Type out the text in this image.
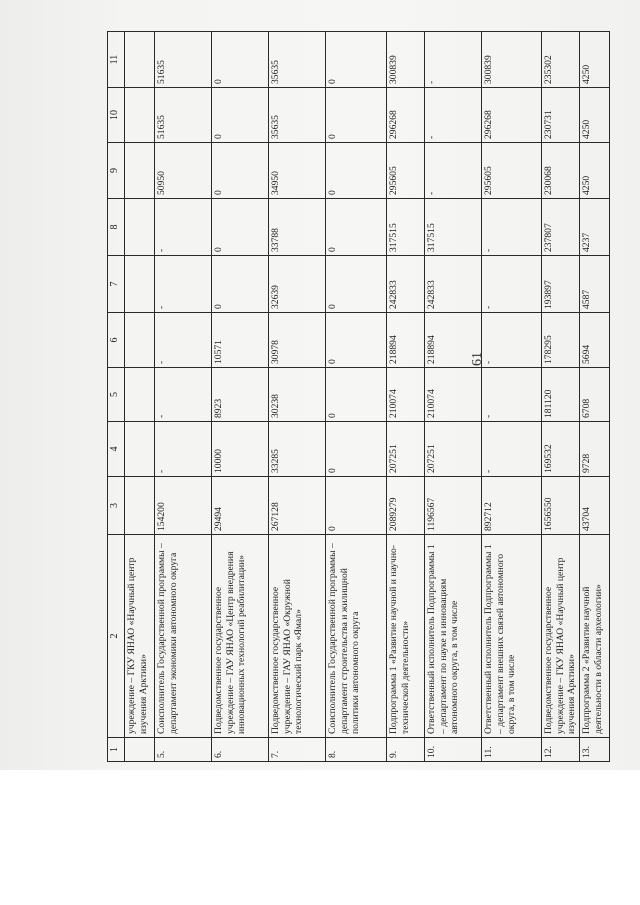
61
1	2	3	4	5	6	7	8	9	10	11
	учреждение – ГКУ ЯНАО «Научный центр изучения Арктики»									
5.	Соисполнитель Государственной программы – департамент экономики автономного округа	154200	-	-	-	-	-	50950	51635	51635
6.	Подведомственное государственное учреждение – ГАУ ЯНАО «Центр внедрения инновационных технологий реабилитации»	29494	10000	8923	10571	0	0	0	0	0
7.	Подведомственное государственное учреждение – ГАУ ЯНАО «Окружной технологический парк «Ямал»	267128	33285	30238	30978	32639	33788	34950	35635	35635
8.	Соисполнитель Государственной программы – департамент строительства и жилищной политики автономного округа	0	0	0	0	0	0	0	0	0
9.	Подпрограмма 1 «Развитие научной и научно-технической деятельности»	2089279	207251	210074	218894	242833	317515	295605	296268	300839
10.	Ответственный исполнитель Подпрограммы 1 – департамент по науке и инновациям автономного округа, в том числе	1196567	207251	210074	218894	242833	317515	-	-	-
11.	Ответственный исполнитель Подпрограммы 1 – департамент внешних связей автономного округа, в том числе	892712	-	-	-	-	-	295605	296268	300839
12.	Подведомственное государственное учреждение – ГКУ ЯНАО «Научный центр изучения Арктики»	1656550	169532	181120	178295	193897	237807	230068	230731	235302
13.	Подпрограмма 2 «Развитие научной деятельности в области археологии»	43704	9728	6708	5694	4587	4237	4250	4250	4250
